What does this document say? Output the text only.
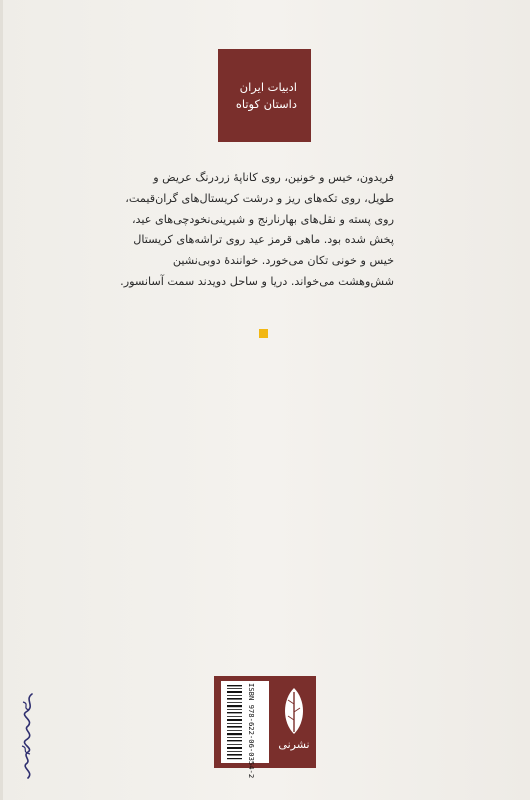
ادبیات ایران
داستان کوتاه
فریدون، خیس و خونین، روی کاناپهٔ زردرنگ عریض و
طویل، روی تکه‌های ریز و درشت کریستال‌های گران‌قیمت،
روی پسته و نقل‌های بهارنارنج و شیرینی‌نخودچی‌های عید،
پخش شده بود. ماهی قرمز عید روی تراشه‌های کریستال
خیس و خونی تکان می‌خورد. خوانندهٔ دوبی‌نشین
شش‌وهشت می‌خواند. دریا و ساحل دویدند سمت آسانسور.
ISBN 978-622-06-0354-2	نشرنی
